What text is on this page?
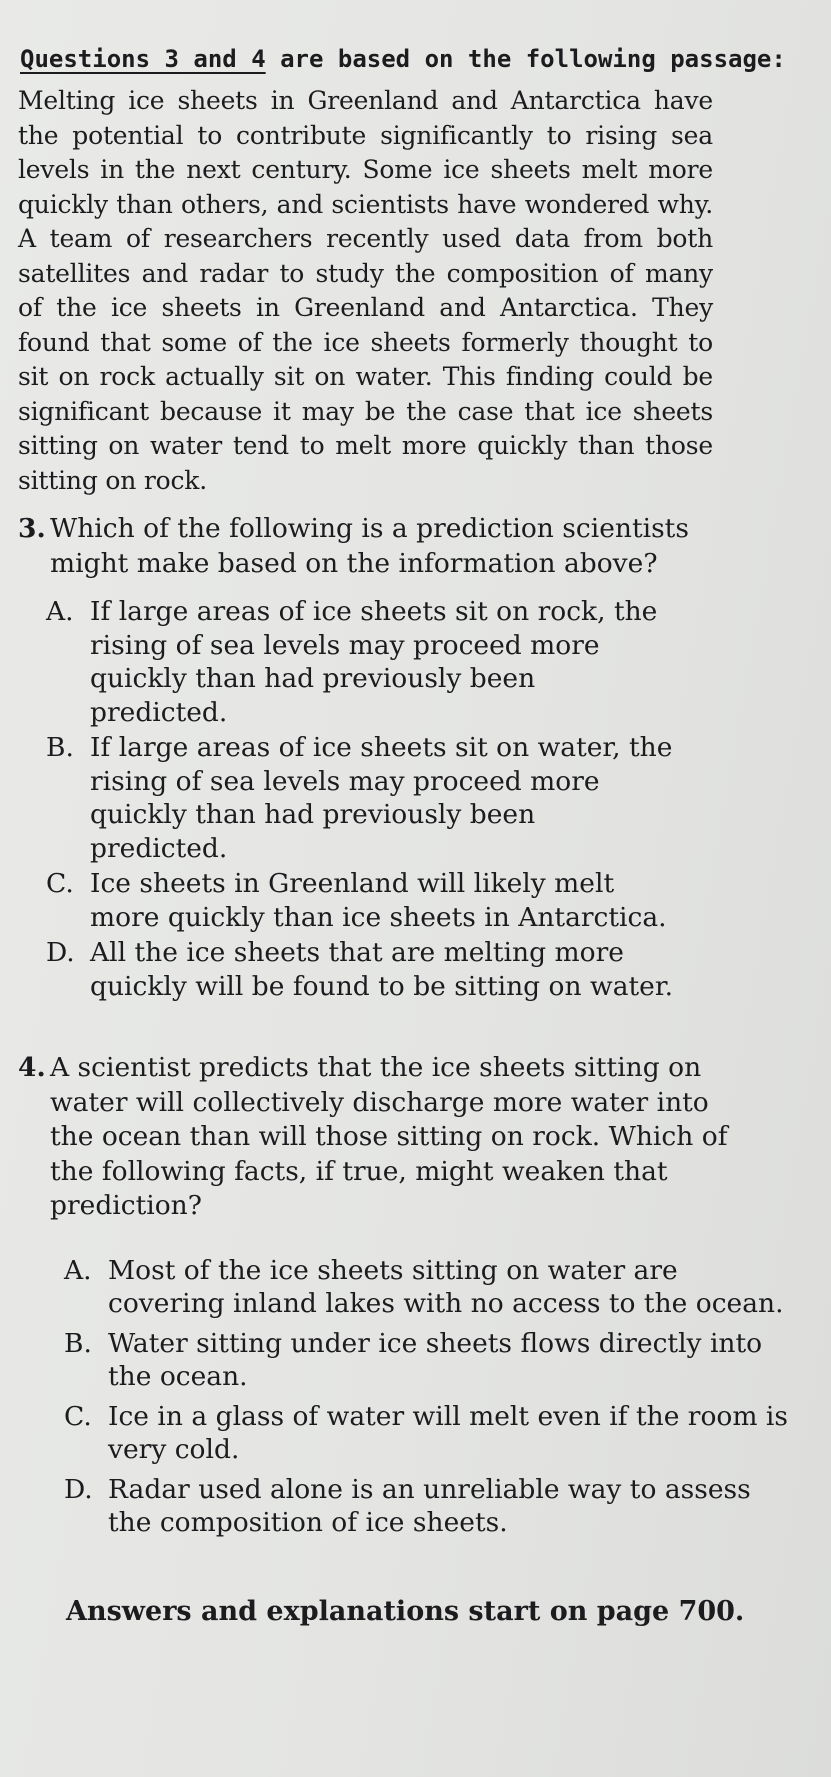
Questions 3 and 4 are based on the following passage:

Melting ice sheets in Greenland and Antarctica have the potential to contribute significantly to rising sea levels in the next century. Some ice sheets melt more quickly than others, and scientists have wondered why. A team of researchers recently used data from both satellites and radar to study the composition of many of the ice sheets in Greenland and Antarctica. They found that some of the ice sheets formerly thought to sit on rock actually sit on water. This finding could be significant because it may be the case that ice sheets sitting on water tend to melt more quickly than those sitting on rock.

3. Which of the following is a prediction scientists might make based on the information above?
A. If large areas of ice sheets sit on rock, the rising of sea levels may proceed more quickly than had previously been predicted.
B. If large areas of ice sheets sit on water, the rising of sea levels may proceed more quickly than had previously been predicted.
C. Ice sheets in Greenland will likely melt more quickly than ice sheets in Antarctica.
D. All the ice sheets that are melting more quickly will be found to be sitting on water.
4. A scientist predicts that the ice sheets sitting on water will collectively discharge more water into the ocean than will those sitting on rock. Which of the following facts, if true, might weaken that prediction?
A. Most of the ice sheets sitting on water are covering inland lakes with no access to the ocean.
B. Water sitting under ice sheets flows directly into the ocean.
C. Ice in a glass of water will melt even if the room is very cold.
D. Radar used alone is an unreliable way to assess the composition of ice sheets.
Answers and explanations start on page 700.
